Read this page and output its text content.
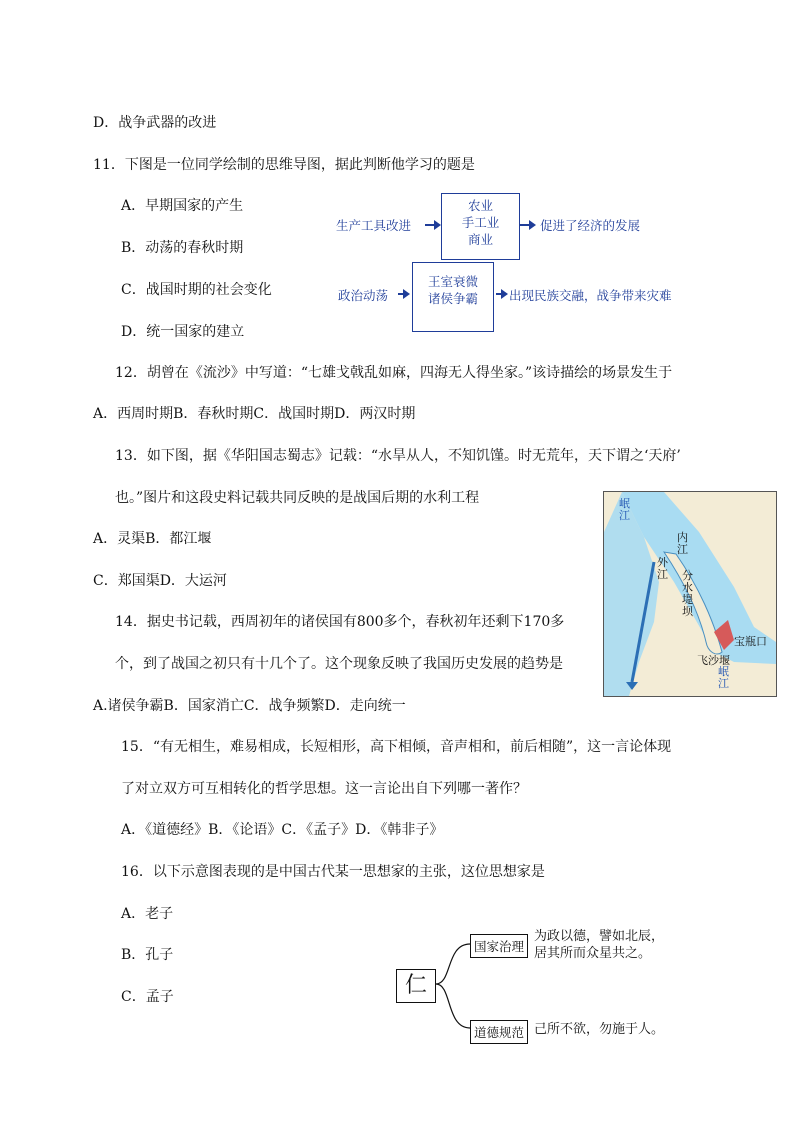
D．战争武器的改进
11．下图是一位同学绘制的思维导图，据此判断他学习的题是
A．早期国家的产生
B．动荡的春秋时期
C．战国时期的社会变化
D．统一国家的建立
12．胡曾在《流沙》中写道：“七雄戈戟乱如麻，四海无人得坐家。”该诗描绘的场景发生于
A．西周时期B．春秋时期C．战国时期D．两汉时期
13．如下图，据《华阳国志蜀志》记载：“水旱从人，不知饥馑。时无荒年，天下谓之‘天府’
也。”图片和这段史料记载共同反映的是战国后期的水利工程
A．灵渠B．都江堰
C．郑国渠D．大运河
14．据史书记载，西周初年的诸侯国有800多个，春秋初年还剩下170多
个，到了战国之初只有十几个了。这个现象反映了我国历史发展的趋势是
A.诸侯争霸B．国家消亡C．战争频繁D．走向统一
15．“有无相生，难易相成，长短相形，高下相倾，音声相和，前后相随”，这一言论体现
了对立双方可互相转化的哲学思想。这一言论出自下列哪一著作？
A．《道德经》B．《论语》C．《孟子》D．《韩非子》
16．以下示意图表现的是中国古代某一思想家的主张，这位思想家是
A．老子
B．孔子
C．孟子
生产工具改进
农业
手工业
商业
促进了经济的发展
政治动荡
王室衰微
诸侯争霸	出现民族交融，战争带来灾难
岷江
内江
外江 分水堤坝
宝瓶口
飞沙堰
岷江
仁
国家治理
为政以德，譬如北辰，
居其所而众星共之。
道德规范 己所不欲，勿施于人。
